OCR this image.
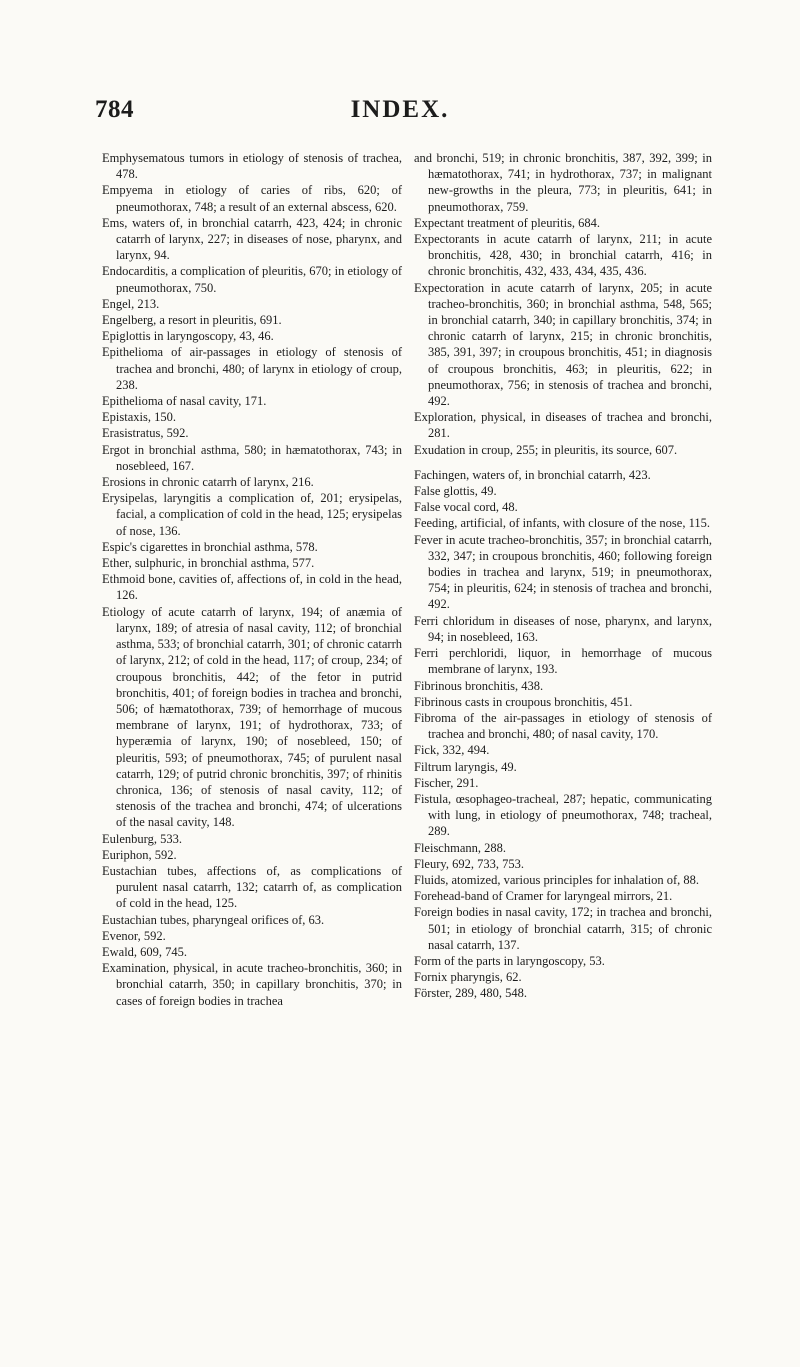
784	INDEX.
Emphysematous tumors in etiology of stenosis of trachea, 478.
Empyema in etiology of caries of ribs, 620; of pneumothorax, 748; a result of an external abscess, 620.
Ems, waters of, in bronchial catarrh, 423, 424; in chronic catarrh of larynx, 227; in diseases of nose, pharynx, and larynx, 94.
Endocarditis, a complication of pleuritis, 670; in etiology of pneumothorax, 750.
Engel, 213.
Engelberg, a resort in pleuritis, 691.
Epiglottis in laryngoscopy, 43, 46.
Epithelioma of air-passages in etiology of stenosis of trachea and bronchi, 480; of larynx in etiology of croup, 238.
Epithelioma of nasal cavity, 171.
Epistaxis, 150.
Erasistratus, 592.
Ergot in bronchial asthma, 580; in hæmatothorax, 743; in nosebleed, 167.
Erosions in chronic catarrh of larynx, 216.
Erysipelas, laryngitis a complication of, 201; erysipelas, facial, a complication of cold in the head, 125; erysipelas of nose, 136.
Espic's cigarettes in bronchial asthma, 578.
Ether, sulphuric, in bronchial asthma, 577.
Ethmoid bone, cavities of, affections of, in cold in the head, 126.
Etiology of acute catarrh of larynx, 194; of anæmia of larynx, 189; of atresia of nasal cavity, 112; of bronchial asthma, 533; of bronchial catarrh, 301; of chronic catarrh of larynx, 212; of cold in the head, 117; of croup, 234; of croupous bronchitis, 442; of the fetor in putrid bronchitis, 401; of foreign bodies in trachea and bronchi, 506; of hæmatothorax, 739; of hemorrhage of mucous membrane of larynx, 191; of hydrothorax, 733; of hyperæmia of larynx, 190; of nosebleed, 150; of pleuritis, 593; of pneumothorax, 745; of purulent nasal catarrh, 129; of putrid chronic bronchitis, 397; of rhinitis chronica, 136; of stenosis of nasal cavity, 112; of stenosis of the trachea and bronchi, 474; of ulcerations of the nasal cavity, 148.
Eulenburg, 533.
Euriphon, 592.
Eustachian tubes, affections of, as complications of purulent nasal catarrh, 132; catarrh of, as complication of cold in the head, 125.
Eustachian tubes, pharyngeal orifices of, 63.
Evenor, 592.
Ewald, 609, 745.
Examination, physical, in acute tracheo-bronchitis, 360; in bronchial catarrh, 350; in capillary bronchitis, 370; in cases of foreign bodies in trachea
and bronchi, 519; in chronic bronchitis, 387, 392, 399; in hæmatothorax, 741; in hydrothorax, 737; in malignant new-growths in the pleura, 773; in pleuritis, 641; in pneumothorax, 759.
Expectant treatment of pleuritis, 684.
Expectorants in acute catarrh of larynx, 211; in acute bronchitis, 428, 430; in bronchial catarrh, 416; in chronic bronchitis, 432, 433, 434, 435, 436.
Expectoration in acute catarrh of larynx, 205; in acute tracheo-bronchitis, 360; in bronchial asthma, 548, 565; in bronchial catarrh, 340; in capillary bronchitis, 374; in chronic catarrh of larynx, 215; in chronic bronchitis, 385, 391, 397; in croupous bronchitis, 451; in diagnosis of croupous bronchitis, 463; in pleuritis, 622; in pneumothorax, 756; in stenosis of trachea and bronchi, 492.
Exploration, physical, in diseases of trachea and bronchi, 281.
Exudation in croup, 255; in pleuritis, its source, 607.
Fachingen, waters of, in bronchial catarrh, 423.
False glottis, 49.
False vocal cord, 48.
Feeding, artificial, of infants, with closure of the nose, 115.
Fever in acute tracheo-bronchitis, 357; in bronchial catarrh, 332, 347; in croupous bronchitis, 460; following foreign bodies in trachea and larynx, 519; in pneumothorax, 754; in pleuritis, 624; in stenosis of trachea and bronchi, 492.
Ferri chloridum in diseases of nose, pharynx, and larynx, 94; in nosebleed, 163.
Ferri perchloridi, liquor, in hemorrhage of mucous membrane of larynx, 193.
Fibrinous bronchitis, 438.
Fibrinous casts in croupous bronchitis, 451.
Fibroma of the air-passages in etiology of stenosis of trachea and bronchi, 480; of nasal cavity, 170.
Fick, 332, 494.
Filtrum laryngis, 49.
Fischer, 291.
Fistula, œsophageo-tracheal, 287; hepatic, communicating with lung, in etiology of pneumothorax, 748; tracheal, 289.
Fleischmann, 288.
Fleury, 692, 733, 753.
Fluids, atomized, various principles for inhalation of, 88.
Forehead-band of Cramer for laryngeal mirrors, 21.
Foreign bodies in nasal cavity, 172; in trachea and bronchi, 501; in etiology of bronchial catarrh, 315; of chronic nasal catarrh, 137.
Form of the parts in laryngoscopy, 53.
Fornix pharyngis, 62.
Förster, 289, 480, 548.
